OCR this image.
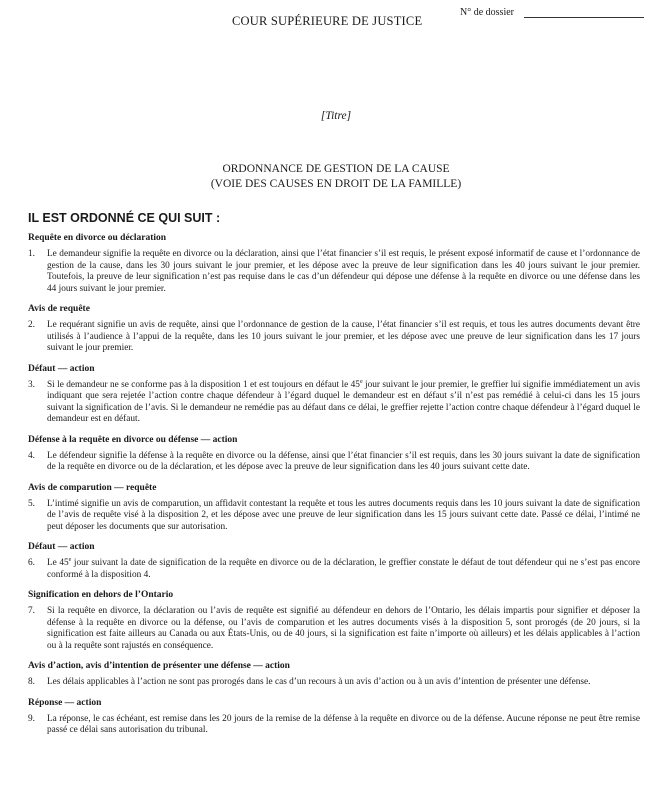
COUR SUPÉRIEURE DE JUSTICE
N° de dossier
[Titre]
ORDONNANCE DE GESTION DE LA CAUSE
(VOIE DES CAUSES EN DROIT DE LA FAMILLE)
IL EST ORDONNÉ CE QUI SUIT :
Requête en divorce ou déclaration
1.	Le demandeur signifie la requête en divorce ou la déclaration, ainsi que l’état financier s’il est requis, le présent exposé informatif de cause et l’ordonnance de gestion de la cause, dans les 30 jours suivant le jour premier, et les dépose avec la preuve de leur signification dans les 40 jours suivant le jour premier. Toutefois, la preuve de leur signification n’est pas requise dans le cas d’un défendeur qui dépose une défense à la requête en divorce ou une défense dans les 44 jours suivant le jour premier.
Avis de requête
2.	Le requérant signifie un avis de requête, ainsi que l’ordonnance de gestion de la cause, l’état financier s’il est requis, et tous les autres documents devant être utilisés à l’audience à l’appui de la requête, dans les 10 jours suivant le jour premier, et les dépose avec une preuve de leur signification dans les 17 jours suivant le jour premier.
Défaut — action
3.	Si le demandeur ne se conforme pas à la disposition 1 et est toujours en défaut le 45e jour suivant le jour premier, le greffier lui signifie immédiatement un avis indiquant que sera rejetée l’action contre chaque défendeur à l’égard duquel le demandeur est en défaut s’il n’est pas remédié à celui-ci dans les 15 jours suivant la signification de l’avis. Si le demandeur ne remédie pas au défaut dans ce délai, le greffier rejette l’action contre chaque défendeur à l’égard duquel le demandeur est en défaut.
Défense à la requête en divorce ou défense — action
4.	Le défendeur signifie la défense à la requête en divorce ou la défense, ainsi que l’état financier s’il est requis, dans les 30 jours suivant la date de signification de la requête en divorce ou de la déclaration, et les dépose avec la preuve de leur signification dans les 40 jours suivant cette date.
Avis de comparution — requête
5.	L’intimé signifie un avis de comparution, un affidavit contestant la requête et tous les autres documents requis dans les 10 jours suivant la date de signification de l’avis de requête visé à la disposition 2, et les dépose avec une preuve de leur signification dans les 15 jours suivant cette date. Passé ce délai, l’intimé ne peut déposer les documents que sur autorisation.
Défaut — action
6.	Le 45e jour suivant la date de signification de la requête en divorce ou de la déclaration, le greffier constate le défaut de tout défendeur qui ne s’est pas encore conformé à la disposition 4.
Signification en dehors de l’Ontario
7.	Si la requête en divorce, la déclaration ou l’avis de requête est signifié au défendeur en dehors de l’Ontario, les délais impartis pour signifier et déposer la défense à la requête en divorce ou la défense, ou l’avis de comparution et les autres documents visés à la disposition 5, sont prorogés (de 20 jours, si la signification est faite ailleurs au Canada ou aux États-Unis, ou de 40 jours, si la signification est faite n’importe où ailleurs) et les délais applicables à l’action ou à la requête sont rajustés en conséquence.
Avis d’action, avis d’intention de présenter une défense — action
8.	Les délais applicables à l’action ne sont pas prorogés dans le cas d’un recours à un avis d’action ou à un avis d’intention de présenter une défense.
Réponse — action
9.	La réponse, le cas échéant, est remise dans les 20 jours de la remise de la défense à la requête en divorce ou de la défense. Aucune réponse ne peut être remise passé ce délai sans autorisation du tribunal.
